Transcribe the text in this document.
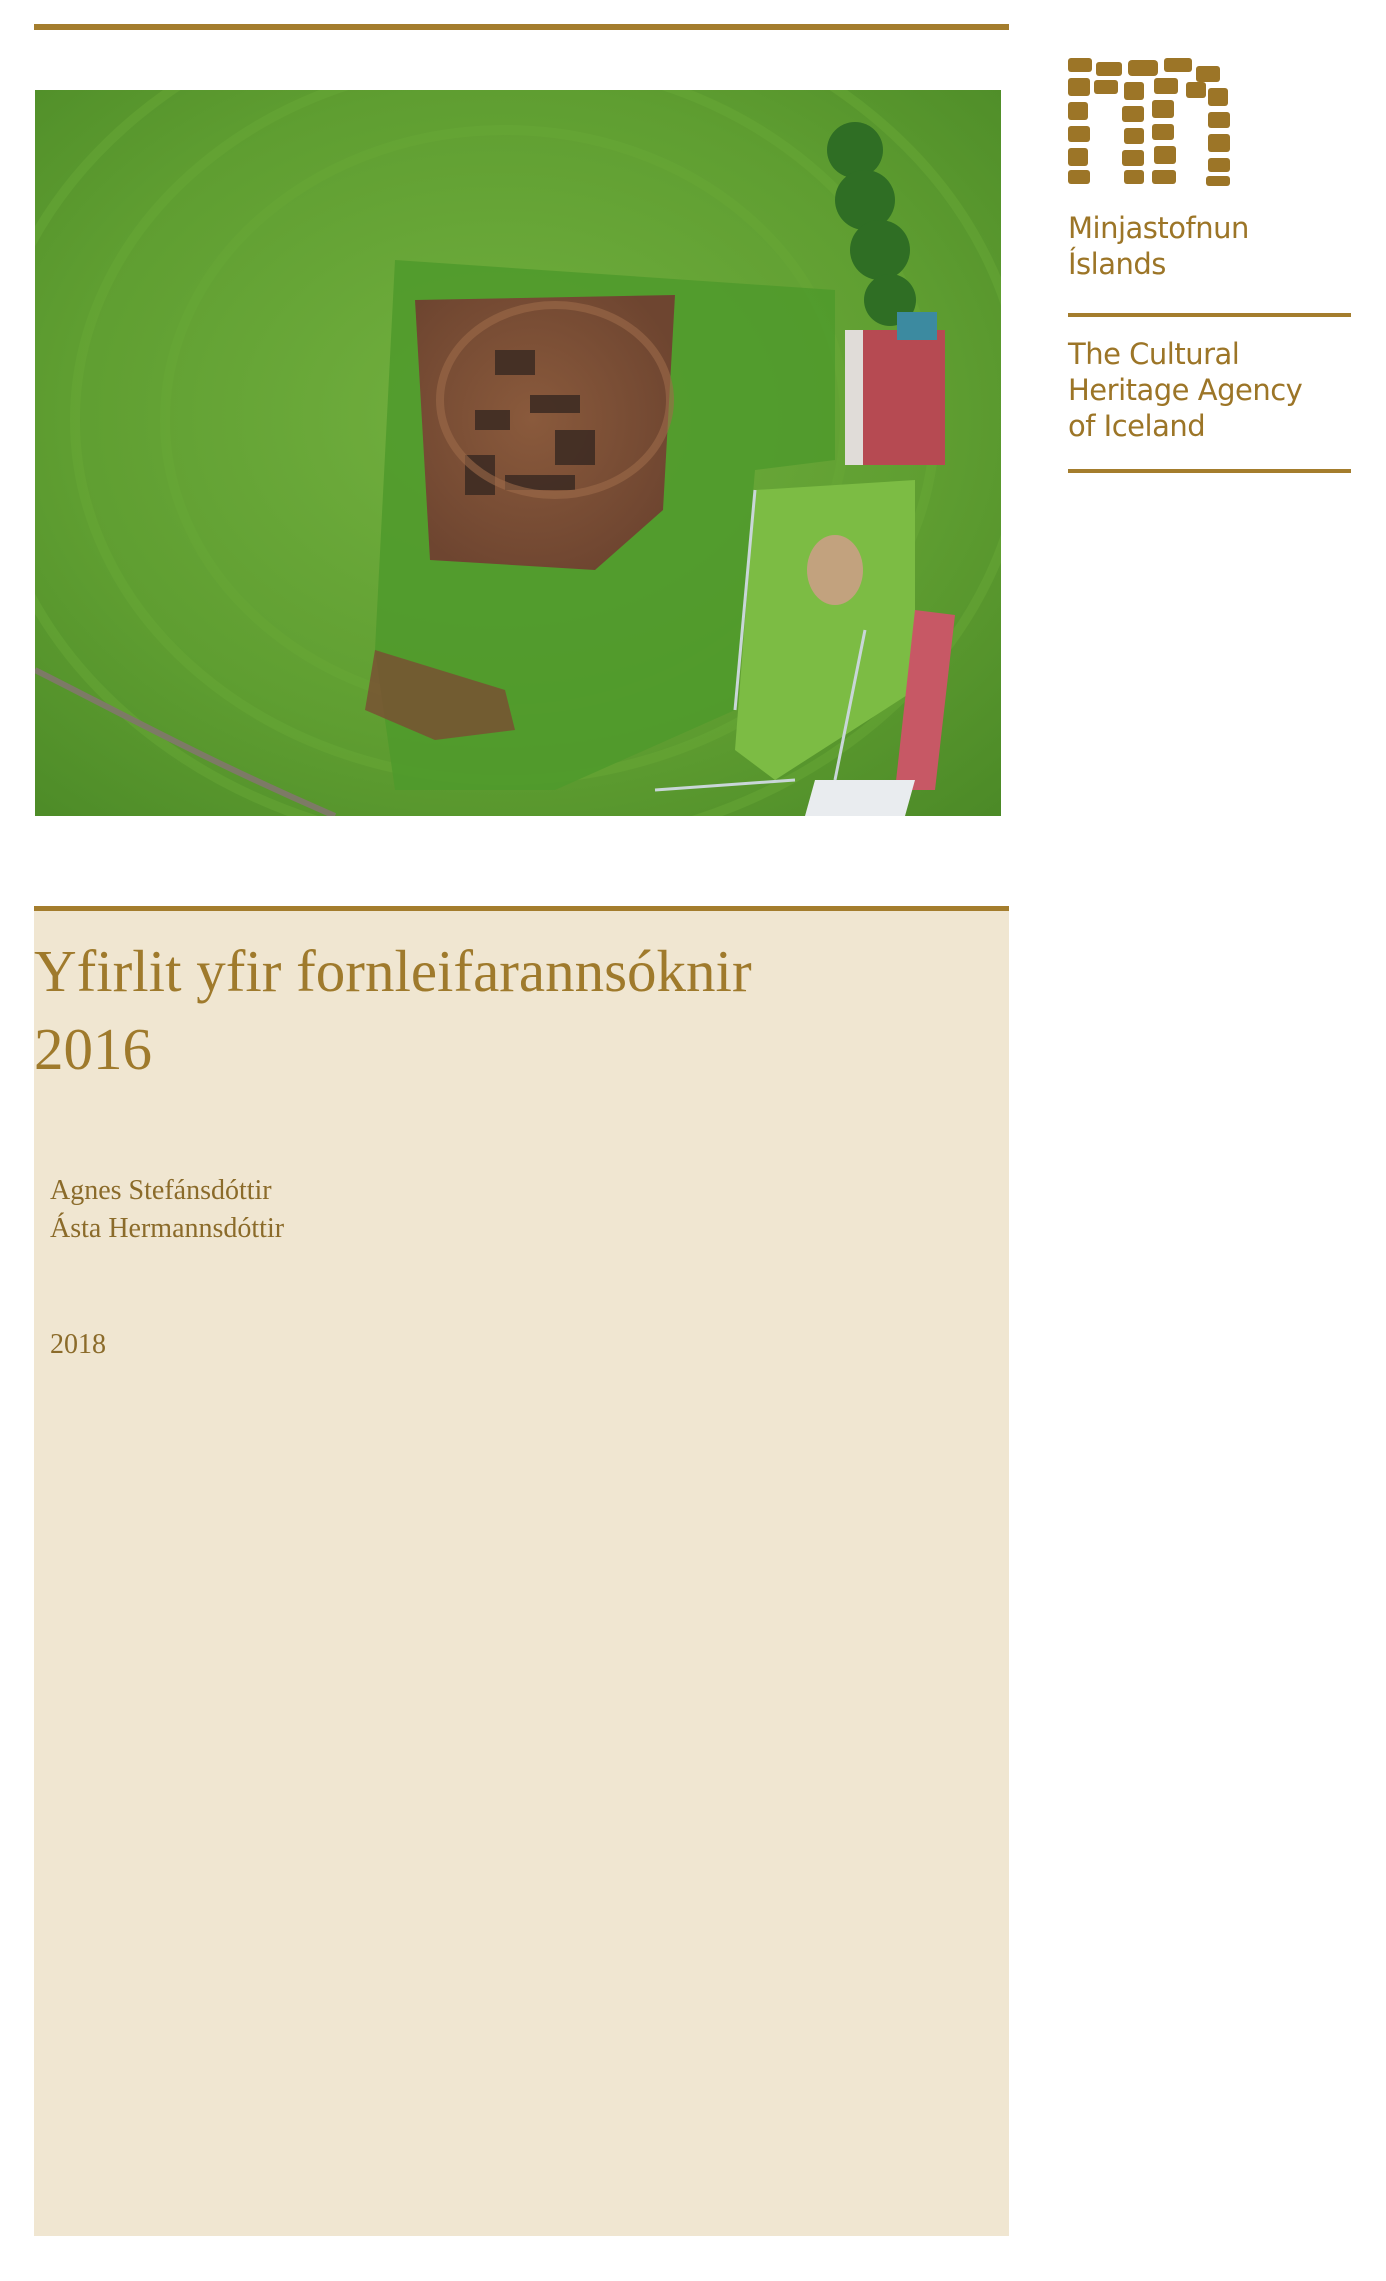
Minjastofnun
Íslands
The Cultural
Heritage Agency
of Iceland
Yfirlit yfir fornleifarannsóknir
2016
Agnes Stefánsdóttir
Ásta Hermannsdóttir
2018
